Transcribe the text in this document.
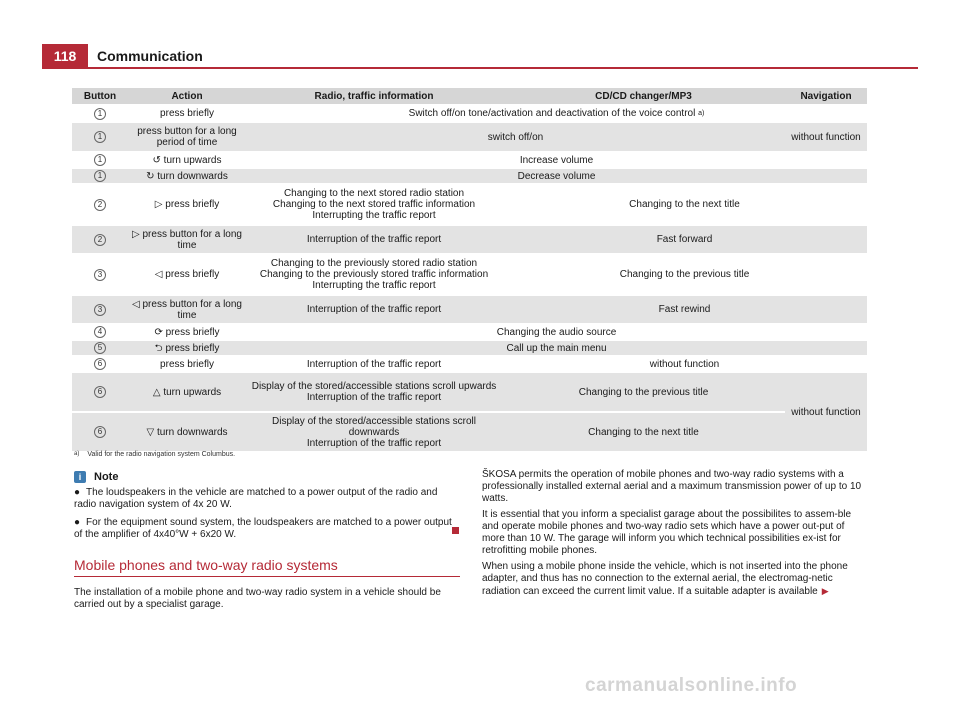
118	Communication
Button	Action	Radio, traffic information	CD/CD changer/MP3	Navigation
1	press briefly	Switch off/on tone/activation and deactivation of the voice control $^{a)}$
1	press button for a long period of time	switch off/on		without function
1	↺ turn upwards	Increase volume		
1	↻ turn downwards	Decrease volume		
2	▷ press briefly	Changing to the next stored radio station
Changing to the next stored traffic information
Interrupting the traffic report	Changing to the next title	
2	▷ press button for a long time	Interruption of the traffic report	Fast forward	
3	◁ press briefly	Changing to the previously stored radio station
Changing to the previously stored traffic information
Interrupting the traffic report	Changing to the previous title	
3	◁ press button for a long time	Interruption of the traffic report	Fast rewind	
4	⟳ press briefly	Changing the audio source		
5	⮌ press briefly	Call up the main menu		
6	press briefly	Interruption of the traffic report	without function	
6	△ turn upwards	Display of the stored/accessible stations scroll upwards
Interruption of the traffic report	Changing to the previous title	without function
6	▽ turn downwards	Display of the stored/accessible stations scroll downwards
Interruption of the traffic report	Changing to the next title	
a) Valid for the radio navigation system Columbus.
i	Note

● The loudspeakers in the vehicle are matched to a power output of the radio and radio navigation system of 4x 20 W.

● For the equipment sound system, the loudspeakers are matched to a power output of the amplifier of 4x40°W + 6x20 W.

Mobile phones and two-way radio systems

The installation of a mobile phone and two-way radio system in a vehicle should be carried out by a specialist garage.

ŠKOSA permits the operation of mobile phones and two-way radio systems with a professionally installed external aerial and a maximum transmission power of up to 10 watts.

It is essential that you inform a specialist garage about the possibilites to assem-ble and operate mobile phones and two-way radio sets which have a power out-put of more than 10 W. The garage will inform you which technical possibilities ex-ist for retrofitting mobile phones.

When using a mobile phone inside the vehicle, which is not inserted into the phone adapter, and thus has no connection to the external aerial, the electromag-netic radiation can exceed the current limit value. If a suitable adapter is available ▶

carmanualsonline.info
